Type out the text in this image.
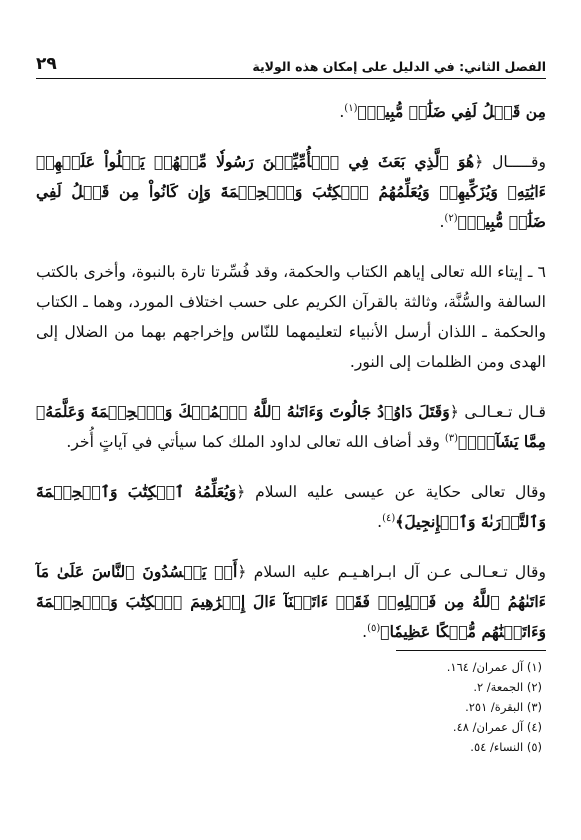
الفصل الثاني: في الدليل على إمكان هذه الولاية
٢٩

مِن قَبۡلُ لَفِي ضَلَٰلٖ مُّبِينٖ﴾$^{(١)}$.

وقـــــال ﴿هُوَ ٱلَّذِي بَعَثَ فِي ٱلۡأُمِّيِّـۧنَ رَسُولٗا مِّنۡهُمۡ يَتۡلُواْ عَلَيۡهِمۡ ءَايَٰتِهِۦ وَيُزَكِّيهِمۡ وَيُعَلِّمُهُمُ ٱلۡكِتَٰبَ وَٱلۡحِكۡمَةَ وَإِن كَانُواْ مِن قَبۡلُ لَفِي ضَلَٰلٖ مُّبِينٖ﴾$^{(٢)}$.

٦ ـ إيتاء الله تعالى إياهم الكتاب والحكمة، وقد فُسِّرتا تارة بالنبوة، وأخرى بالكتب السالفة والسُّنَّة، وثالثة بالقرآن الكريم على حسب اختلاف المورد، وهما ـ الكتاب والحكمة ـ اللذان أرسل الأنبياء لتعليمهما للنّاس وإخراجهم بهما من الضلال إلى الهدى ومن الظلمات إلى النور.

قـال تـعـالـى ﴿وَقَتَلَ دَاوُۥدُ جَالُوتَ وَءَاتَىٰهُ ٱللَّهُ ٱلۡمُلۡكَ وَٱلۡحِكۡمَةَ وَعَلَّمَهُۥ مِمَّا يَشَآءُۗ﴾$^{(٣)}$ وقد أضاف الله تعالى لداود الملك كما سيأتي في آياتٍ أُخر.

وقال تعالى حكاية عن عيسى عليه السلام ﴿وَيُعَلِّمُهُ ٱلۡكِتَٰبَ وَٱلۡحِكۡمَةَ وَٱلتَّوۡرَىٰةَ وَٱلۡإِنجِيلَ﴾$^{(٤)}$.

وقال تـعـالـى عـن آل ابـراهـيـم عليه السلام ﴿أَمۡ يَحۡسُدُونَ ٱلنَّاسَ عَلَىٰ مَآ ءَاتَىٰهُمُ ٱللَّهُ مِن فَضۡلِهِۦۖ فَقَدۡ ءَاتَيۡنَآ ءَالَ إِبۡرَٰهِيمَ ٱلۡكِتَٰبَ وَٱلۡحِكۡمَةَ وَءَاتَيۡنَٰهُم مُّلۡكًا عَظِيمٗا﴾$^{(٥)}$.

(١) آل عمران/ ١٦٤.
(٢) الجمعة/ ٢.
(٣) البقرة/ ٢٥١.
(٤) آل عمران/ ٤٨.
(٥) النساء/ ٥٤.
